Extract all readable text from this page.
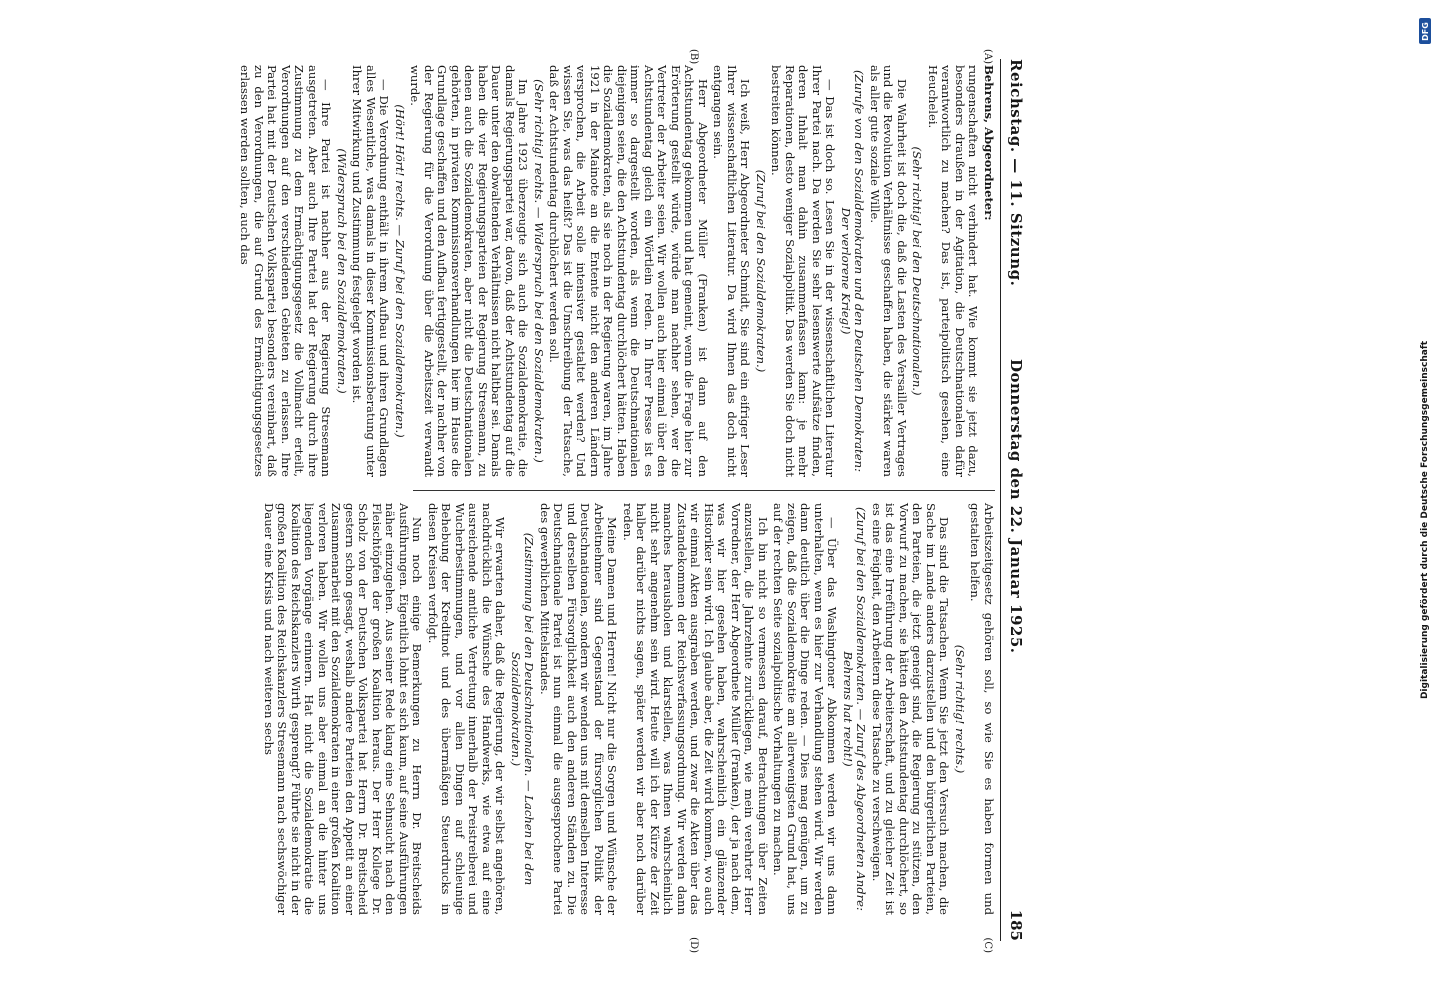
Reichstag. — 11. Sitzung.
Donnerstag den 22. Januar 1925.
185
(A)
(B)
(C)
(D)

Behrens, Abgeordneter:

rungenschaften nicht verhindert hat. Wie kommt sie jetzt dazu, besonders draußen in der Agitation, die Deutschnationalen dafür verantwortlich zu machen? Das ist, parteipolitisch gesehen, eine Heuchelei.

(Sehr richtig! bei den Deutschnationalen.)

Die Wahrheit ist doch die, daß die Lasten des Versailler Vertrages und die Revolution Verhältnisse geschaffen haben, die stärker waren als aller gute soziale Wille.

(Zurufe von den Sozialdemokraten und den Deutschen Demokraten: Der verlorene Krieg!)

— Das ist doch so. Lesen Sie in der wissenschaftlichen Literatur Ihrer Partei nach. Da werden Sie sehr lesenswerte Aufsätze finden, deren Inhalt man dahin zusammenfassen kann: je mehr Reparationen, desto weniger Sozialpolitik. Das werden Sie doch nicht bestreiten können.

(Zuruf bei den Sozialdemokraten.)

Ich weiß, Herr Abgeordneter Schmidt, Sie sind ein eifriger Leser Ihrer wissenschaftlichen Literatur. Da wird Ihnen das doch nicht entgangen sein.

Herr Abgeordneter Müller (Franken) ist dann auf den Achtstundentag gekommen und hat gemeint, wenn die Frage hier zur Erörterung gestellt würde, würde man nachher sehen, wer die Vertreter der Arbeiter seien. Wir wollen auch hier einmal über den Achtstundentag gleich ein Wörtlein reden. In Ihrer Presse ist es immer so dargestellt worden, als wenn die Deutschnationalen diejenigen seien, die den Achtstundentag durchlöchert hätten. Haben die Sozialdemokraten, als sie noch in der Regierung waren, im Jahre 1921 in der Mainote an die Entente nicht den anderen Ländern versprochen, die Arbeit solle intensiver gestaltet werden? Und wissen Sie, was das heißt? Das ist die Umschreibung der Tatsache, daß der Achtstundentag durchlöchert werden soll.

(Sehr richtig! rechts. — Widerspruch bei den Sozialdemokraten.)

Im Jahre 1923 überzeugte sich auch die Sozialdemokratie, die damals Regierungspartei war, davon, daß der Achtstundentag auf die Dauer unter den obwaltenden Verhältnissen nicht haltbar sei. Damals haben die vier Regierungsparteien der Regierung Stresemann, zu denen auch die Sozialdemokraten, aber nicht die Deutschnationalen gehörten, in privaten Kommissionsverhandlungen hier im Hause die Grundlage geschaffen und den Aufbau fertiggestellt, der nachher von der Regierung für die Verordnung über die Arbeitszeit verwandt wurde.

(Hört! Hört! rechts. — Zuruf bei den Sozialdemokraten.)

— Die Verordnung enthält in ihrem Aufbau und ihren Grundlagen alles Wesentliche, was damals in dieser Kommissionsberatung unter Ihrer Mitwirkung und Zustimmung festgelegt worden ist.

(Widerspruch bei den Sozialdemokraten.)

— Ihre Partei ist nachher aus der Regierung Stresemann ausgetreten. Aber auch Ihre Partei hat der Regierung durch ihre Zustimmung zu dem Ermächtigungsgesetz die Vollmacht erteilt, Verordnungen auf den verschiedenen Gebieten zu erlassen. Ihre Partei hat mit der Deutschen Volkspartei besonders vereinbart, daß zu den Verordnungen, die auf Grund des Ermächtigungsgesetzes erlassen werden sollten, auch das

Arbeitszeitgesetz gehören soll, so wie Sie es haben formen und gestalten helfen.

(Sehr richtig! rechts.)

Das sind die Tatsachen. Wenn Sie jetzt den Versuch machen, die Sache im Lande anders darzustellen und den bürgerlichen Parteien, den Parteien, die jetzt geneigt sind, die Regierung zu stützen, den Vorwurf zu machen, sie hätten den Achtstundentag durchlöchert, so ist das eine Irreführung der Arbeiterschaft, und zu gleicher Zeit ist es eine Feigheit, den Arbeitern diese Tatsache zu verschweigen.

(Zuruf bei den Sozialdemokraten. — Zuruf des Abgeordneten Andre: Behrens hat recht!)

— Über das Washingtoner Abkommen werden wir uns dann unterhalten, wenn es hier zur Verhandlung stehen wird. Wir werden dann deutlich über die Dinge reden. — Dies mag genügen, um zu zeigen, daß die Sozialdemokratie am allerwenigsten Grund hat, uns auf der rechten Seite sozialpolitische Vorhaltungen zu machen.

Ich bin nicht so vermessen darauf, Betrachtungen über Zeiten anzustellen, die Jahrzehnte zurückliegen, wie mein verehrter Herr Vorredner, der Herr Abgeordnete Müller (Franken), der ja nach dem, was wir hier gesehen haben, wahrscheinlich ein glänzender Historiker sein wird. Ich glaube aber, die Zeit wird kommen, wo auch wir einmal Akten ausgraben werden, und zwar die Akten über das Zustandekommen der Reichsverfassungsordnung. Wir werden dann manches herausholen und klarstellen, was Ihnen wahrscheinlich nicht sehr angenehm sein wird. Heute will ich der Kürze der Zeit halber darüber nichts sagen, später werden wir aber noch darüber reden.

Meine Damen und Herren! Nicht nur die Sorgen und Wünsche der Arbeitnehmer sind Gegenstand der fürsorglichen Politik der Deutschnationalen, sondern wir wenden uns mit demselben Interesse und derselben Fürsorglichkeit auch den anderen Ständen zu. Die Deutschnationale Partei ist nun einmal die ausgesprochene Partei des gewerblichen Mittelstandes.

(Zustimmung bei den Deutschnationalen. — Lachen bei den Sozialdemokraten.)

Wir erwarten daher, daß die Regierung, der wir selbst angehören, nachdrücklich die Wünsche des Handwerks, wie etwa auf eine ausreichende amtliche Vertretung innerhalb der Preistreiberei und Wucherbestimmungen, und vor allen Dingen auf schleunige Behebung der Kreditnot und des übermäßigen Steuerdrucks in diesen Kreisen verfolgt.

Nun noch einige Bemerkungen zu Herrn Dr. Breitscheids Ausführungen. Eigentlich lohnt es sich kaum, auf seine Ausführungen näher einzugehen. Aus seiner Rede klang eine Sehnsucht nach den Fleischtöpfen der großen Koalition heraus. Der Herr Kollege Dr. Scholz von der Deutschen Volkspartei hat Herrn Dr. Breitscheid gestern schon gesagt, weshalb andere Parteien den Appetit an einer Zusammenarbeit mit den Sozialdemokraten in einer großen Koalition verloren haben. Wir wollen uns aber einmal an die hinter uns liegenden Vorgänge erinnern. Hat nicht die Sozialdemokratie die Koalition des Reichskanzlers Wirth gesprengt? Führte sie nicht in der großen Koalition des Reichskanzlers Stresemann nach sechswöchiger Dauer eine Krisis und nach weiteren sechs

DFG
Digitalisierung gefördert durch die Deutsche Forschungsgemeinschaft
